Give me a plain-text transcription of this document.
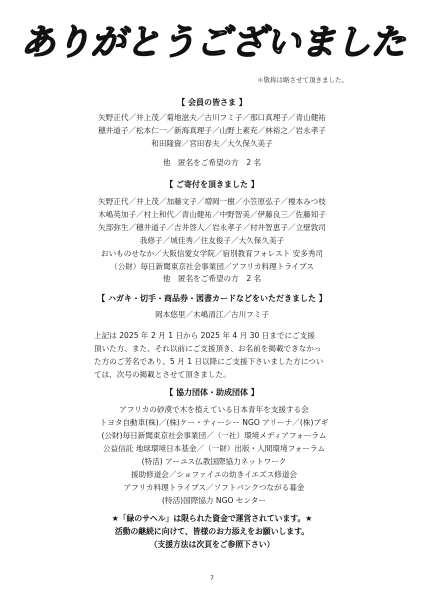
ありがとうございました
＊敬称は略させて頂きました。
【 会員の皆さま 】
矢野正代／井上茂／菊地滋夫／古川フミ子／那口真理子／青山健祐
穂井道子／松本仁一／新海真理子／山野上素充／林裕之／岩永孝子
和田隆資／宮田春夫／大久保久美子
他　匿名をご希望の方　2 名
【 ご寄付を頂きました 】
矢野正代／井上茂／加藤文子／増岡一樹／小笠原弘子／榎本みつ枝
木嶋英加子／村上和代／青山健祐／中野智美／伊藤良三／佐藤知子
矢部弥生／穂井道子／吉井啓人／岩永孝子／村井智恵子／立壁敦司
我修子／城佳秀／住友俊子／大久保久美子
おいものせなか／大阪信愛女学院／宿別教育フォレスト 安多秀司
（公財）毎日新聞東京社会事業団／アフリカ料理トライブス
他　匿名をご希望の方　2 名
【 ハガキ・切手・商品券・図書カードなどをいただきました 】
岡本悠里／木嶋清江／古川フミ子
上記は 2025 年 2 月 1 日から 2025 年 4 月 30 日までにご支援
頂いた方、また、それ以前にご支援頂き、お名前を掲載できなかっ
た方のご芳名であり、5 月 1 日以降にご支援下さいました方につい
ては、次号の掲載とさせて頂きました。
【 協力団体・助成団体 】
アフリカの砂漠で木を植えている日本青年を支援する会
トヨタ自動車(株)／(株)ケー・ティーシー NGO アリーナ／(株)ブギ
(公財)毎日新聞東京社会事業団／（一社）環境メディアフォーラム
公益信託 地球環境日本基金／（一財）出版・人間環境フォーラム
(特活) アーユス仏教国際協力ネットワーク
援助修道会／ショファイユの幼きイエズス修道会
アフリカ料理トライブス／ソフトバンクつながる募金
(特活)国際協力 NGO センター
★「緑のサヘル」は限られた資金で運営されています。★
活動の継続に向けて、皆様のお力添えをお願いします。
（支援方法は次頁をご参照下さい）
7
